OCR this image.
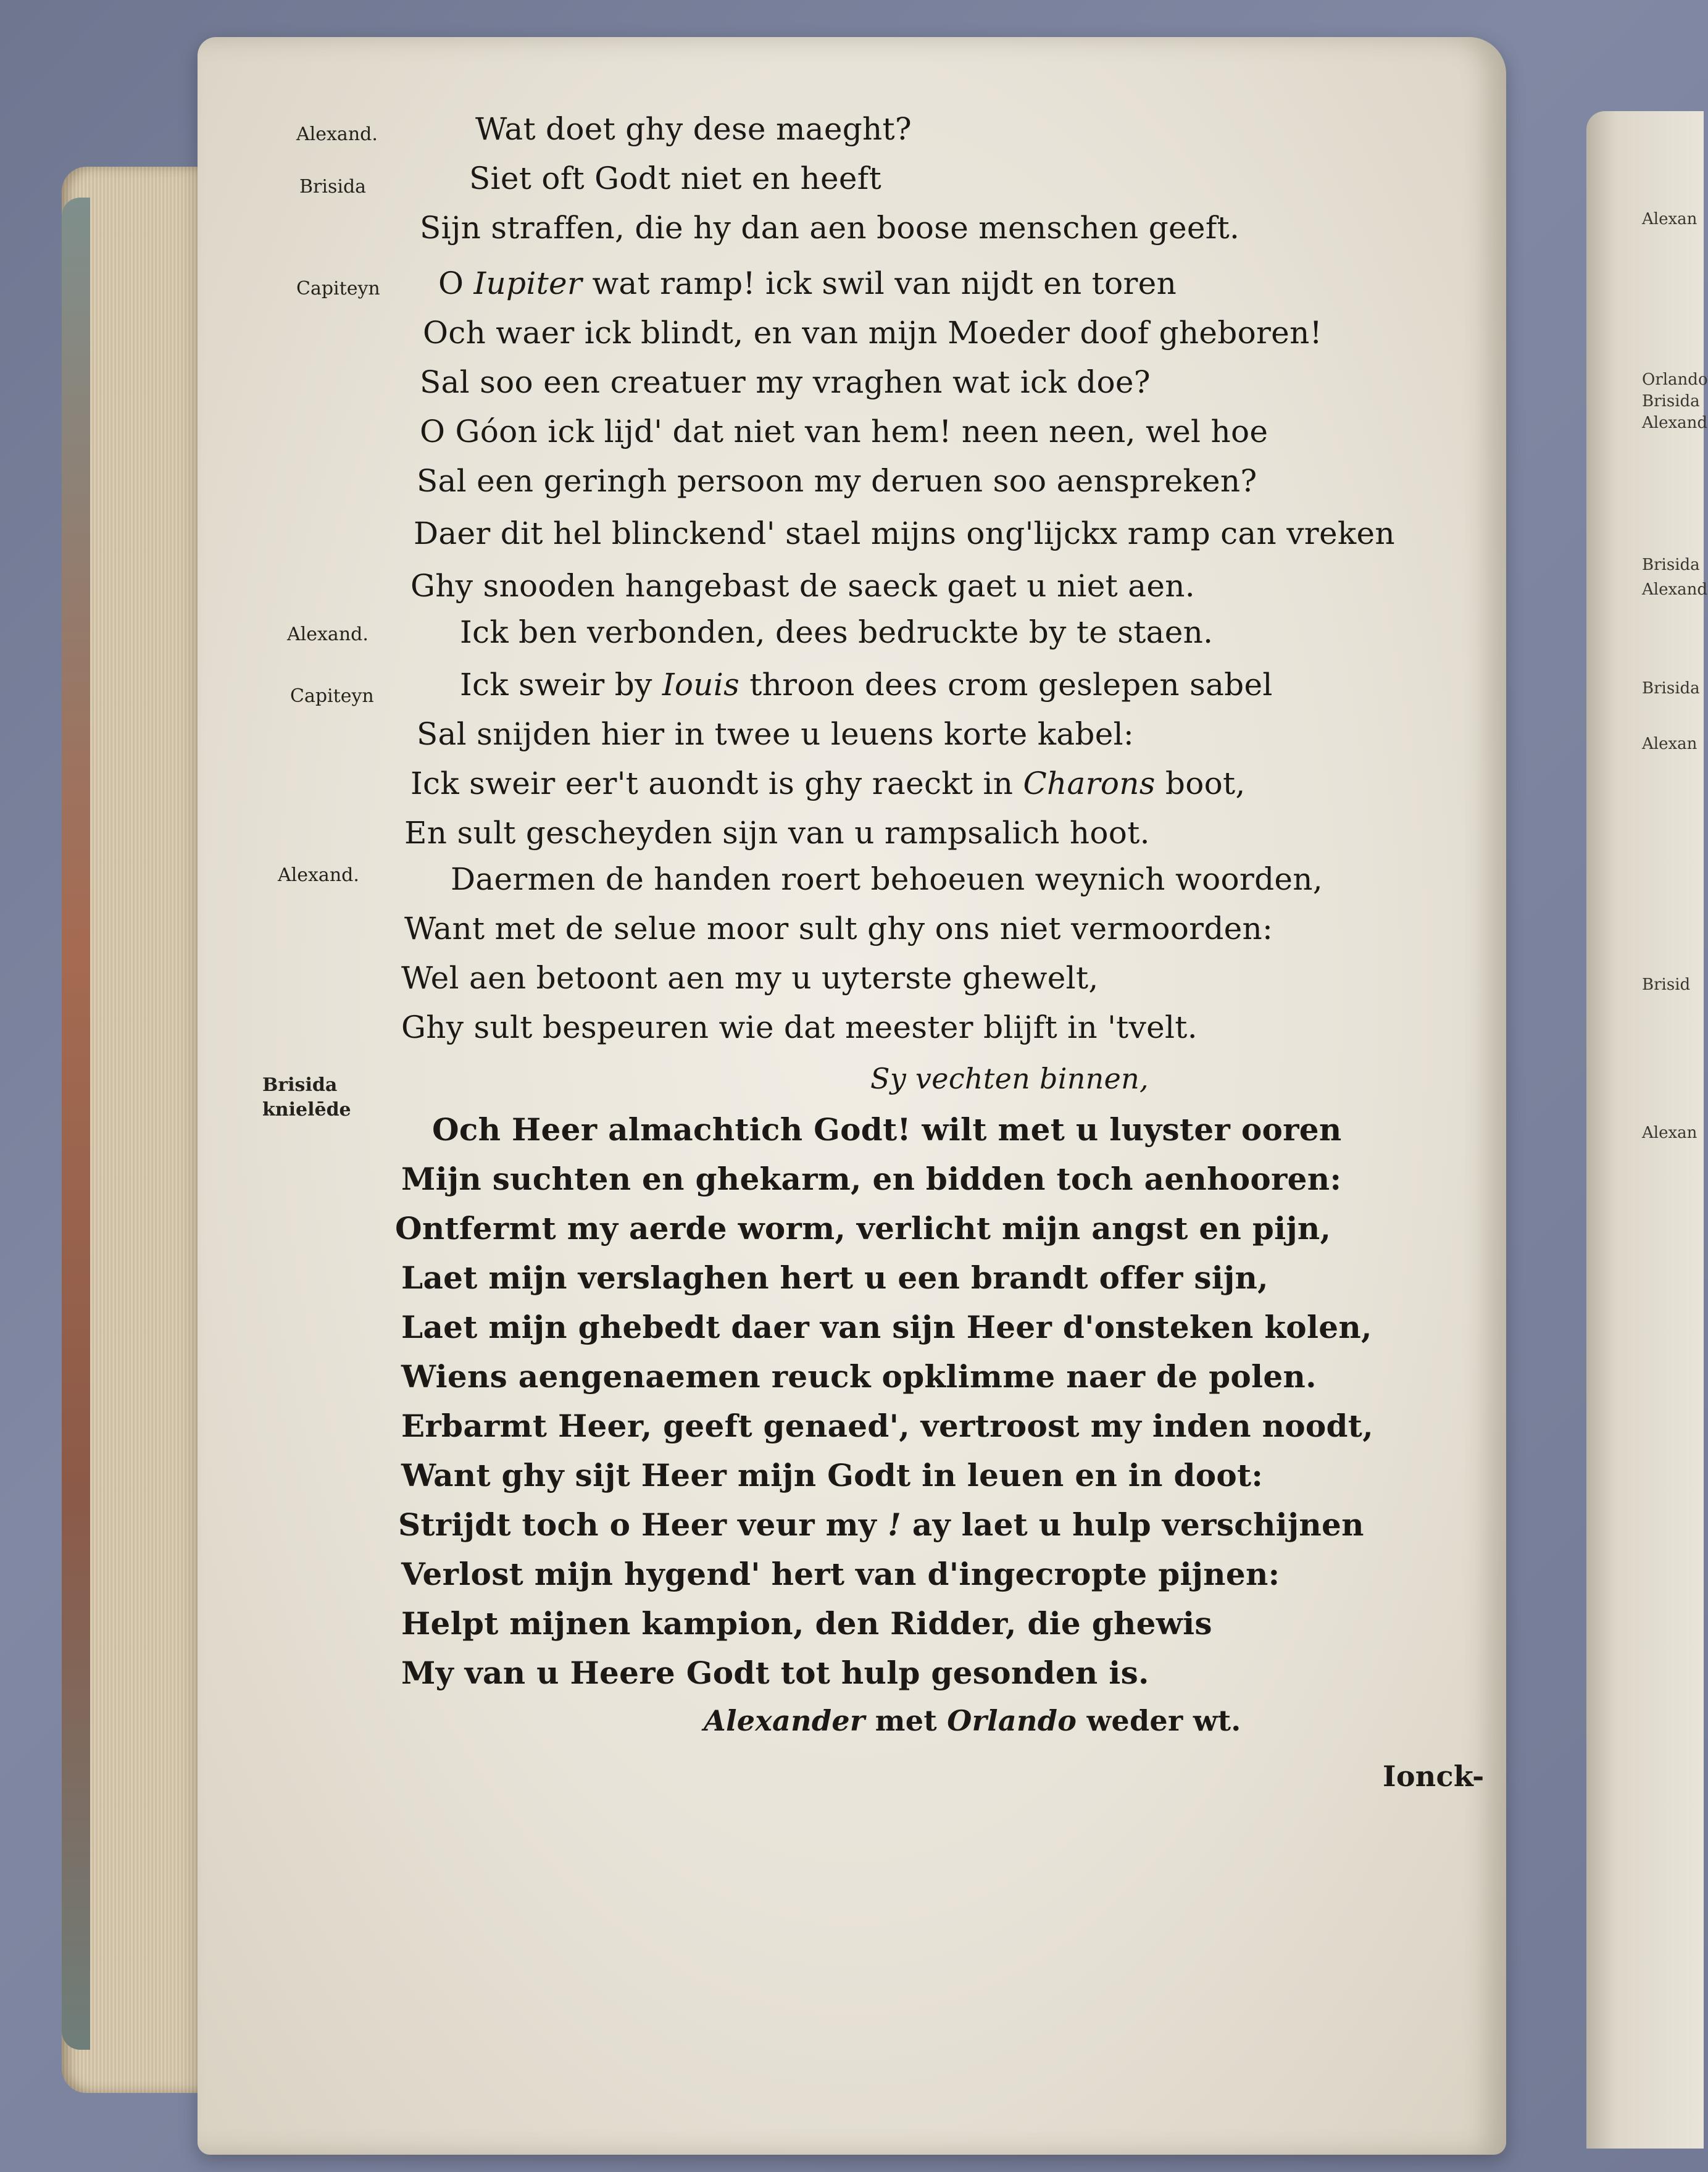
Alexand.
Brisida
Capiteyn
Alexand.
Capiteyn
Alexand.
Brisida
knielēde
Wat doet ghy dese maeght?
Siet oft Godt niet en heeft
Sijn straffen, die hy dan aen boose menschen geeft.
O Iupiter wat ramp! ick swil van nijdt en toren
Och waer ick blindt, en van mijn Moeder doof gheboren!
Sal soo een creatuer my vraghen wat ick doe?
O Góon ick lijd' dat niet van hem! neen neen, wel hoe
Sal een geringh persoon my deruen soo aenspreken?
Daer dit hel blinckend' stael mijns ong'lijckx ramp can vreken
Ghy snooden hangebast de saeck gaet u niet aen.
Ick ben verbonden, dees bedruckte by te staen.
Ick sweir by Iouis throon dees crom geslepen sabel
Sal snijden hier in twee u leuens korte kabel:
Ick sweir eer't auondt is ghy raeckt in Charons boot,
En sult gescheyden sijn van u rampsalich hoot.
Daermen de handen roert behoeuen weynich woorden,
Want met de selue moor sult ghy ons niet vermoorden:
Wel aen betoont aen my u uyterste ghewelt,
Ghy sult bespeuren wie dat meester blijft in 'tvelt.
Sy vechten binnen,
Och Heer almachtich Godt! wilt met u luyster ooren
Mijn suchten en ghekarm, en bidden toch aenhooren:
Ontfermt my aerde worm, verlicht mijn angst en pijn,
Laet mijn verslaghen hert u een brandt offer sijn,
Laet mijn ghebedt daer van sijn Heer d'onsteken kolen,
Wiens aengenaemen reuck opklimme naer de polen.
Erbarmt Heer, geeft genaed', vertroost my inden noodt,
Want ghy sijt Heer mijn Godt in leuen en in doot:
Strijdt toch o Heer veur my ! ay laet u hulp verschijnen
Verlost mijn hygend' hert van d'ingecropte pijnen:
Helpt mijnen kampion, den Ridder, die ghewis
My van u Heere Godt tot hulp gesonden is.
Alexander met Orlando weder wt.
Ionck-
Alexan
Orlando
Brisida
Alexand
Brisida
Alexand
Brisida
Alexan
Brisid
Alexan
